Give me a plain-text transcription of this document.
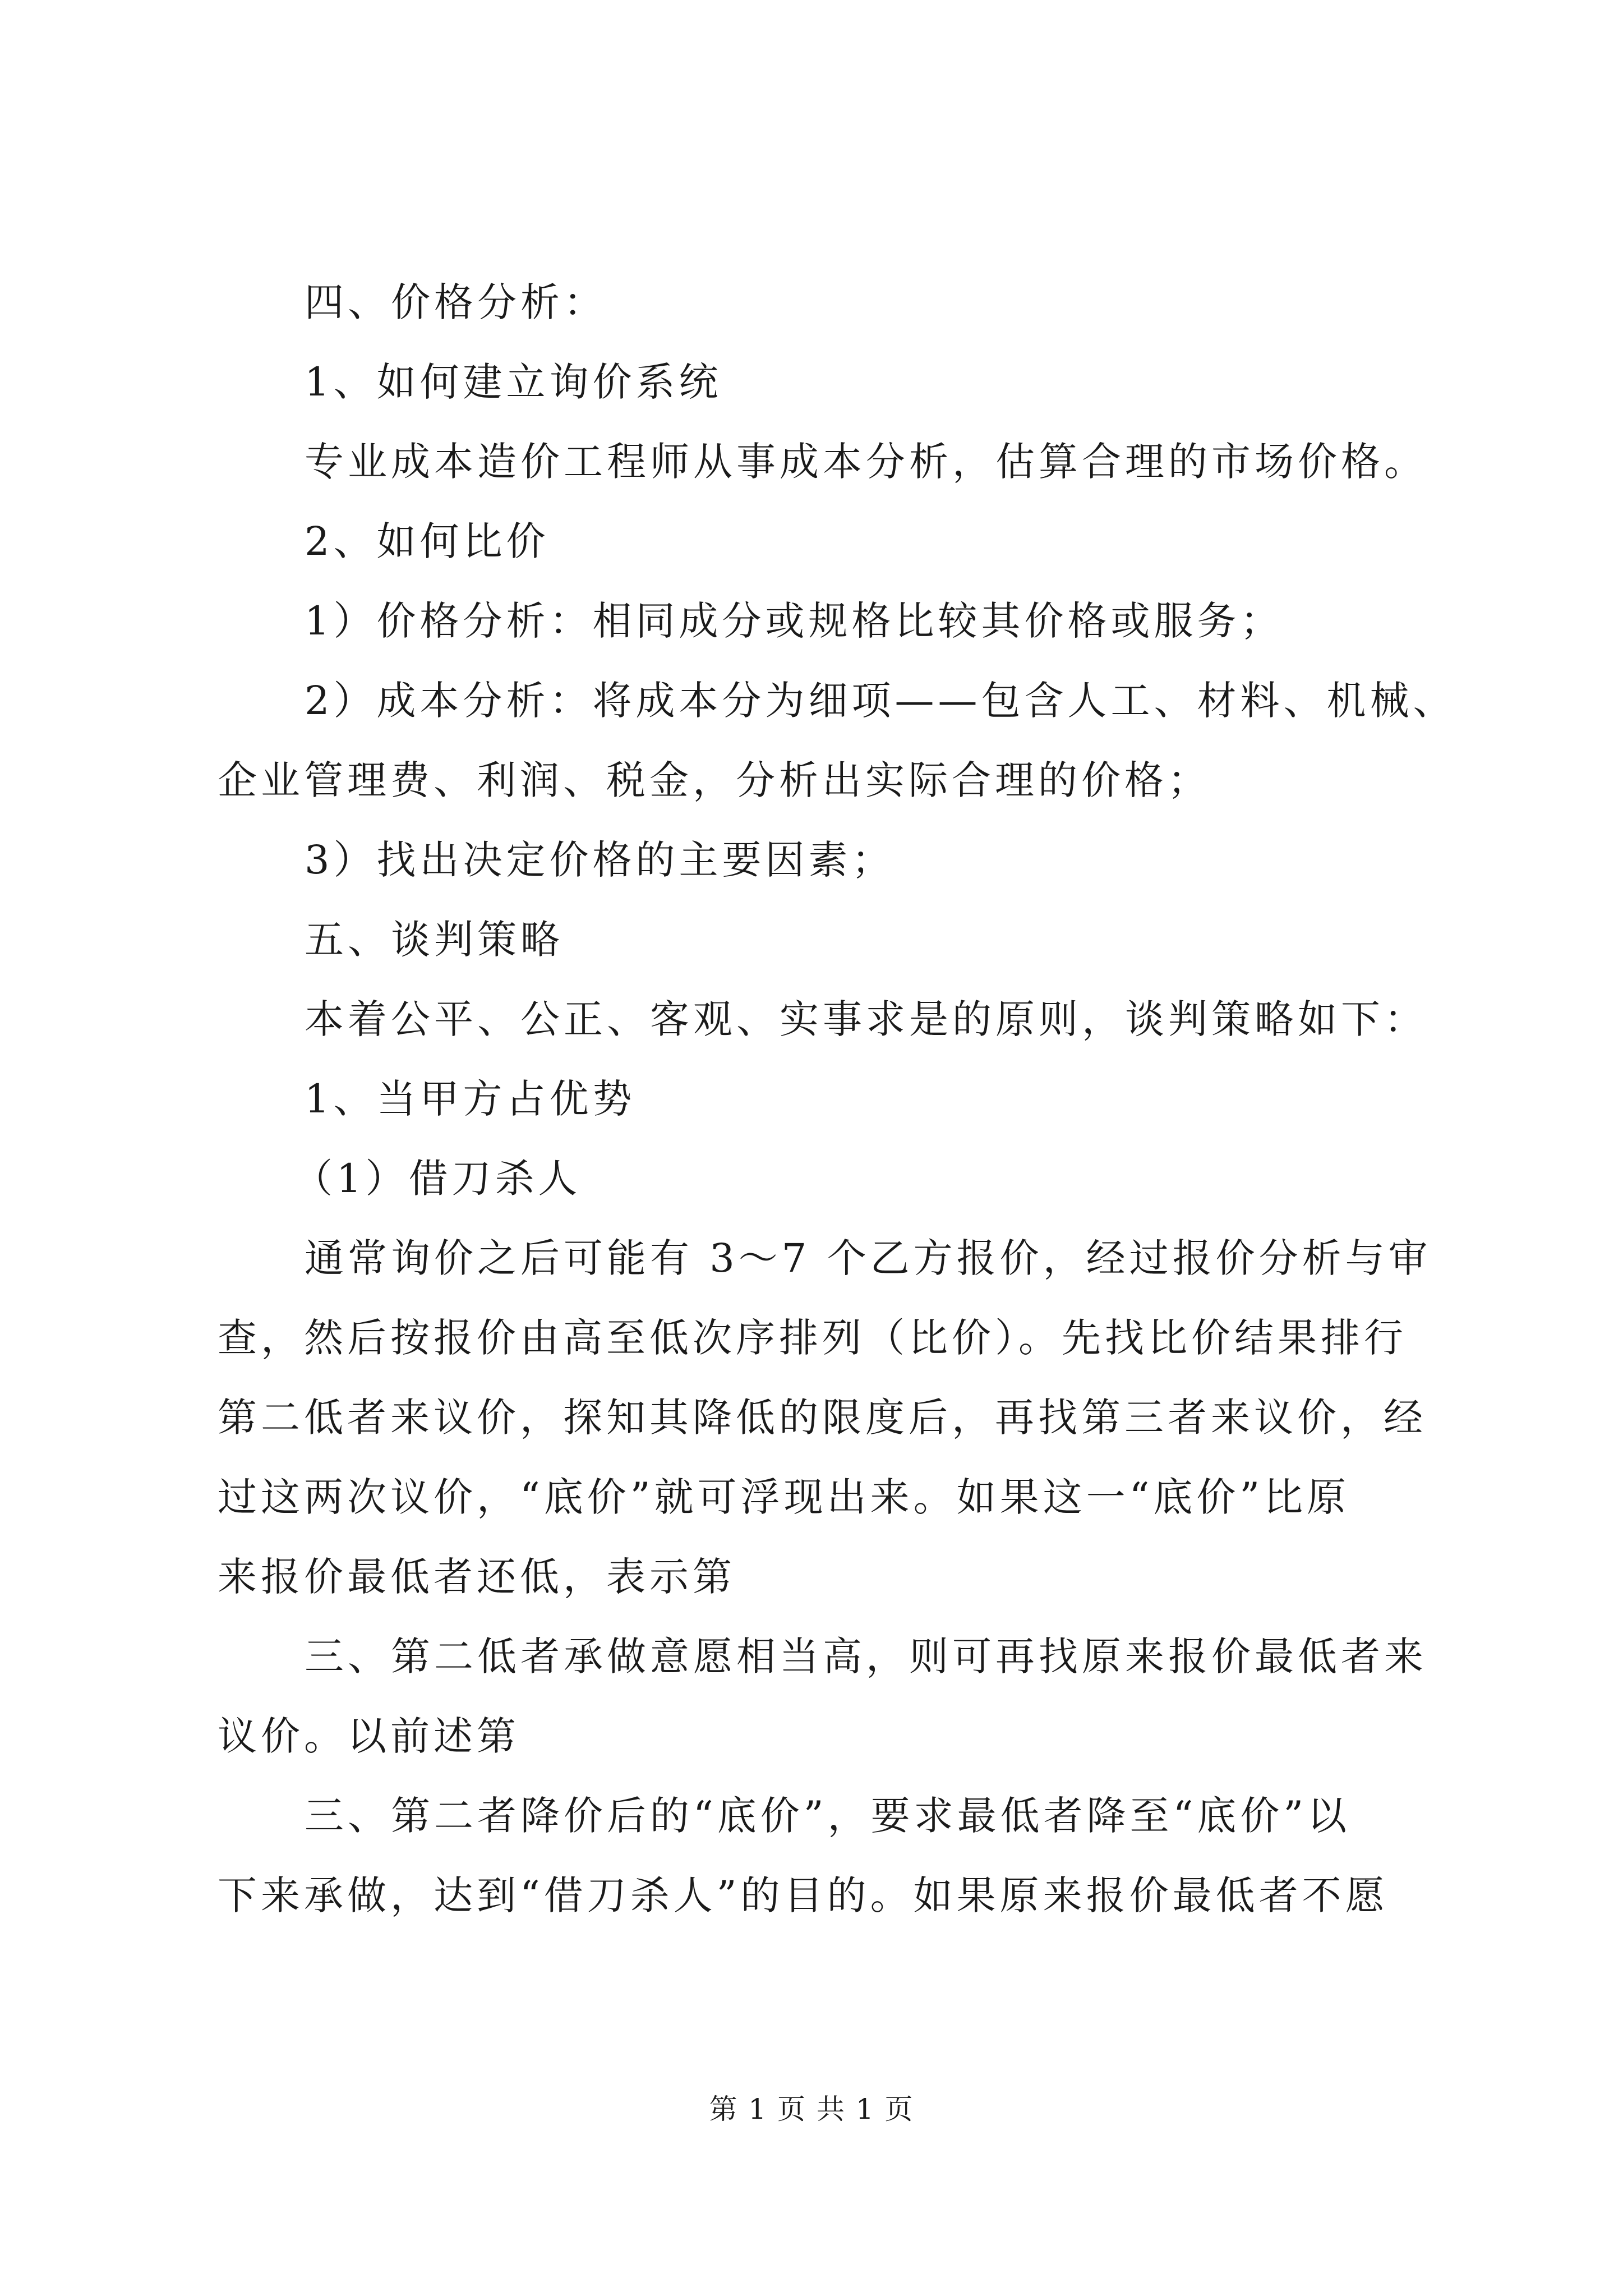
四、价格分析：

1、如何建立询价系统

专业成本造价工程师从事成本分析，估算合理的市场价格。

2、如何比价

1）价格分析：相同成分或规格比较其价格或服务；

2）成本分析：将成本分为细项——包含人工、材料、机械、

企业管理费、利润、税金，分析出实际合理的价格；

3）找出决定价格的主要因素；

五、谈判策略

本着公平、公正、客观、实事求是的原则，谈判策略如下：

1、当甲方占优势

（1）借刀杀人

通常询价之后可能有 3～7 个乙方报价，经过报价分析与审

查，然后按报价由高至低次序排列（比价）。先找比价结果排行

第二低者来议价，探知其降低的限度后，再找第三者来议价，经

过这两次议价，“底价”就可浮现出来。如果这一“底价”比原

来报价最低者还低，表示第

三、第二低者承做意愿相当高，则可再找原来报价最低者来

议价。以前述第

三、第二者降价后的“底价”，要求最低者降至“底价”以

下来承做，达到“借刀杀人”的目的。如果原来报价最低者不愿

第 1 页 共 1 页
